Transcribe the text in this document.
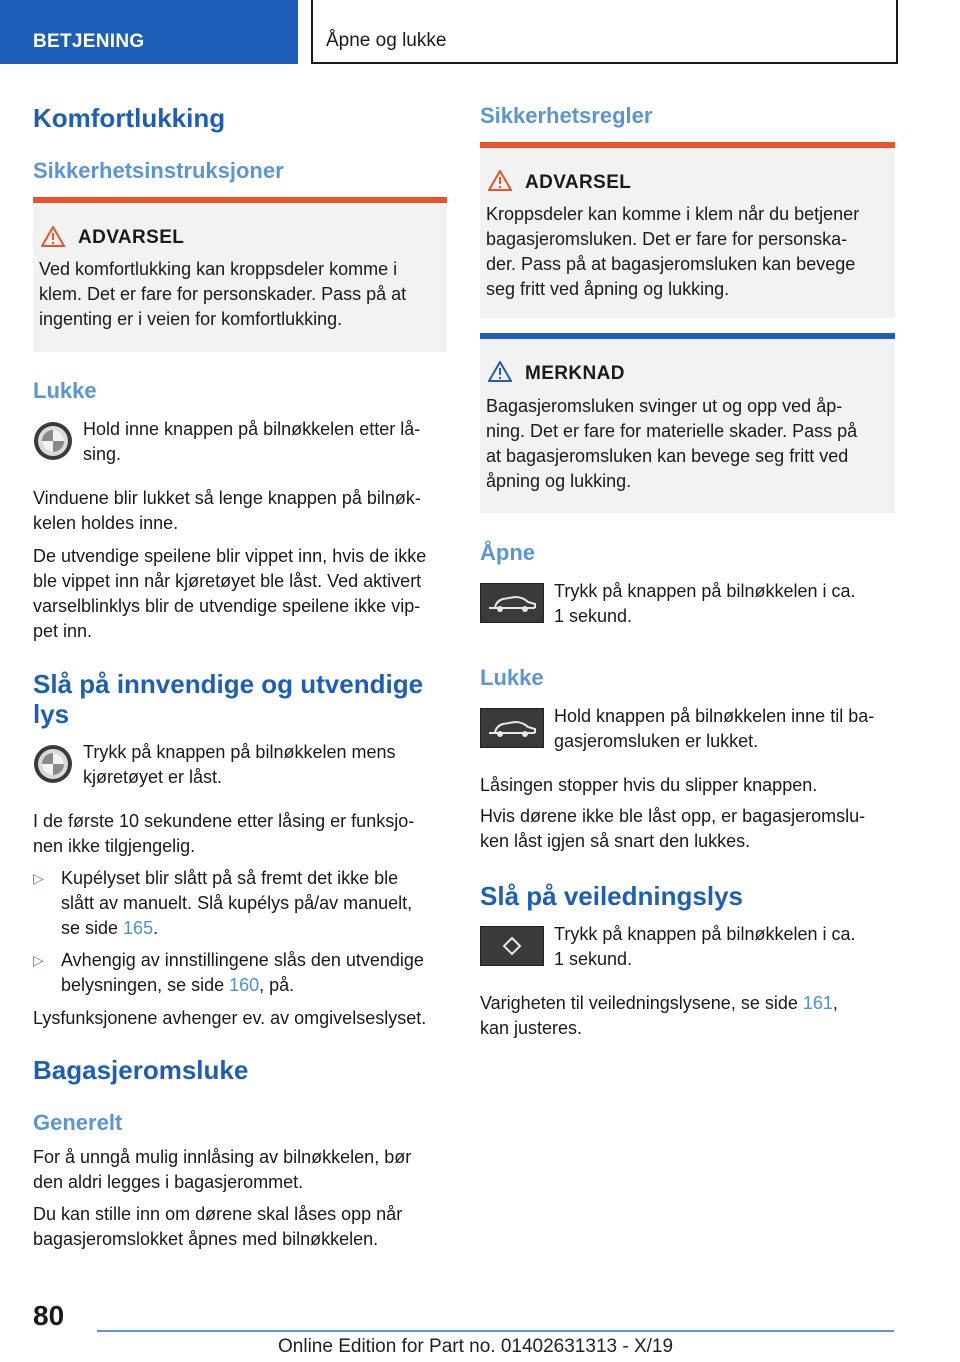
BETJENING	Åpne og lukke
Komfortlukking
Sikkerhetsinstruksjoner
ADVARSEL
Ved komfortlukking kan kroppsdeler komme i
klem. Det er fare for personskader. Pass på at
ingenting er i veien for komfortlukking.
Lukke
Hold inne knappen på bilnøkkelen etter lå-
sing.
Vinduene blir lukket så lenge knappen på bilnøk-
kelen holdes inne.
De utvendige speilene blir vippet inn, hvis de ikke
ble vippet inn når kjøretøyet ble låst. Ved aktivert
varselblinklys blir de utvendige speilene ikke vip-
pet inn.
Slå på innvendige og utvendige
lys
Trykk på knappen på bilnøkkelen mens
kjøretøyet er låst.
I de første 10 sekundene etter låsing er funksjo-
nen ikke tilgjengelig.
▷ Kupélyset blir slått på så fremt det ikke ble
slått av manuelt. Slå kupélys på/av manuelt,
se side 165.
▷ Avhengig av innstillingene slås den utvendige
belysningen, se side 160, på.
Lysfunksjonene avhenger ev. av omgivelseslyset.
Bagasjeromsluke
Generelt
For å unngå mulig innlåsing av bilnøkkelen, bør
den aldri legges i bagasjerommet.
Du kan stille inn om dørene skal låses opp når
bagasjeromslokket åpnes med bilnøkkelen.
Sikkerhetsregler
ADVARSEL
Kroppsdeler kan komme i klem når du betjener
bagasjeromsluken. Det er fare for personska-
der. Pass på at bagasjeromsluken kan bevege
seg fritt ved åpning og lukking.
MERKNAD
Bagasjeromsluken svinger ut og opp ved åp-
ning. Det er fare for materielle skader. Pass på
at bagasjeromsluken kan bevege seg fritt ved
åpning og lukking.
Åpne
Trykk på knappen på bilnøkkelen i ca.
1 sekund.
Lukke
Hold knappen på bilnøkkelen inne til ba-
gasjeromsluken er lukket.
Låsingen stopper hvis du slipper knappen.
Hvis dørene ikke ble låst opp, er bagasjeromslu-
ken låst igjen så snart den lukkes.
Slå på veiledningslys
Trykk på knappen på bilnøkkelen i ca.
1 sekund.
Varigheten til veiledningslysene, se side 161,
kan justeres.
80
Online Edition for Part no. 01402631313 - X/19
